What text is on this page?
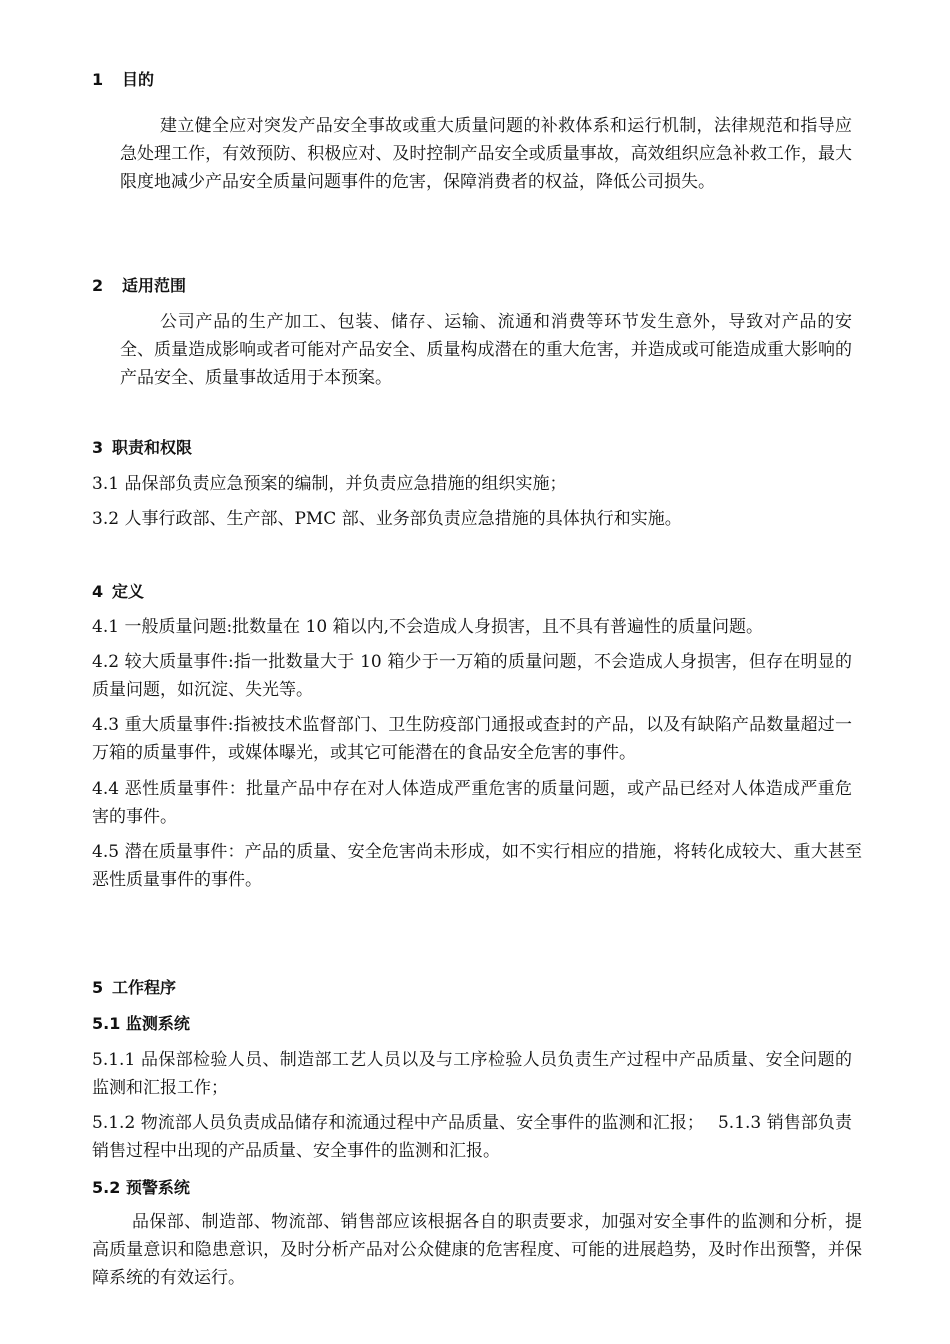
1 目的

建立健全应对突发产品安全事故或重大质量问题的补救体系和运行机制，法律规范和指导应急处理工作，有效预防、积极应对、及时控制产品安全或质量事故，高效组织应急补救工作，最大限度地减少产品安全质量问题事件的危害，保障消费者的权益，降低公司损失。

2 适用范围

公司产品的生产加工、包装、储存、运输、流通和消费等环节发生意外，导致对产品的安全、质量造成影响或者可能对产品安全、质量构成潜在的重大危害，并造成或可能造成重大影响的产品安全、质量事故适用于本预案。

3 职责和权限

3.1 品保部负责应急预案的编制，并负责应急措施的组织实施；

3.2 人事行政部、生产部、PMC 部、业务部负责应急措施的具体执行和实施。

4 定义

4.1 一般质量问题:批数量在 10 箱以内,不会造成人身损害，且不具有普遍性的质量问题。

4.2 较大质量事件:指一批数量大于 10 箱少于一万箱的质量问题，不会造成人身损害，但存在明显的质量问题，如沉淀、失光等。

4.3 重大质量事件:指被技术监督部门、卫生防疫部门通报或查封的产品，以及有缺陷产品数量超过一万箱的质量事件，或媒体曝光，或其它可能潜在的食品安全危害的事件。

4.4 恶性质量事件：批量产品中存在对人体造成严重危害的质量问题，或产品已经对人体造成严重危害的事件。

4.5 潜在质量事件：产品的质量、安全危害尚未形成，如不实行相应的措施，将转化成较大、重大甚至恶性质量事件的事件。

5 工作程序
5.1 监测系统

5.1.1 品保部检验人员、制造部工艺人员以及与工序检验人员负责生产过程中产品质量、安全问题的监测和汇报工作；

5.1.2 物流部人员负责成品储存和流通过程中产品质量、安全事件的监测和汇报；　 5.1.3 销售部负责销售过程中出现的产品质量、安全事件的监测和汇报。

5.2 预警系统

品保部、制造部、物流部、销售部应该根据各自的职责要求，加强对安全事件的监测和分析，提高质量意识和隐患意识，及时分析产品对公众健康的危害程度、可能的进展趋势，及时作出预警，并保障系统的有效运行。
